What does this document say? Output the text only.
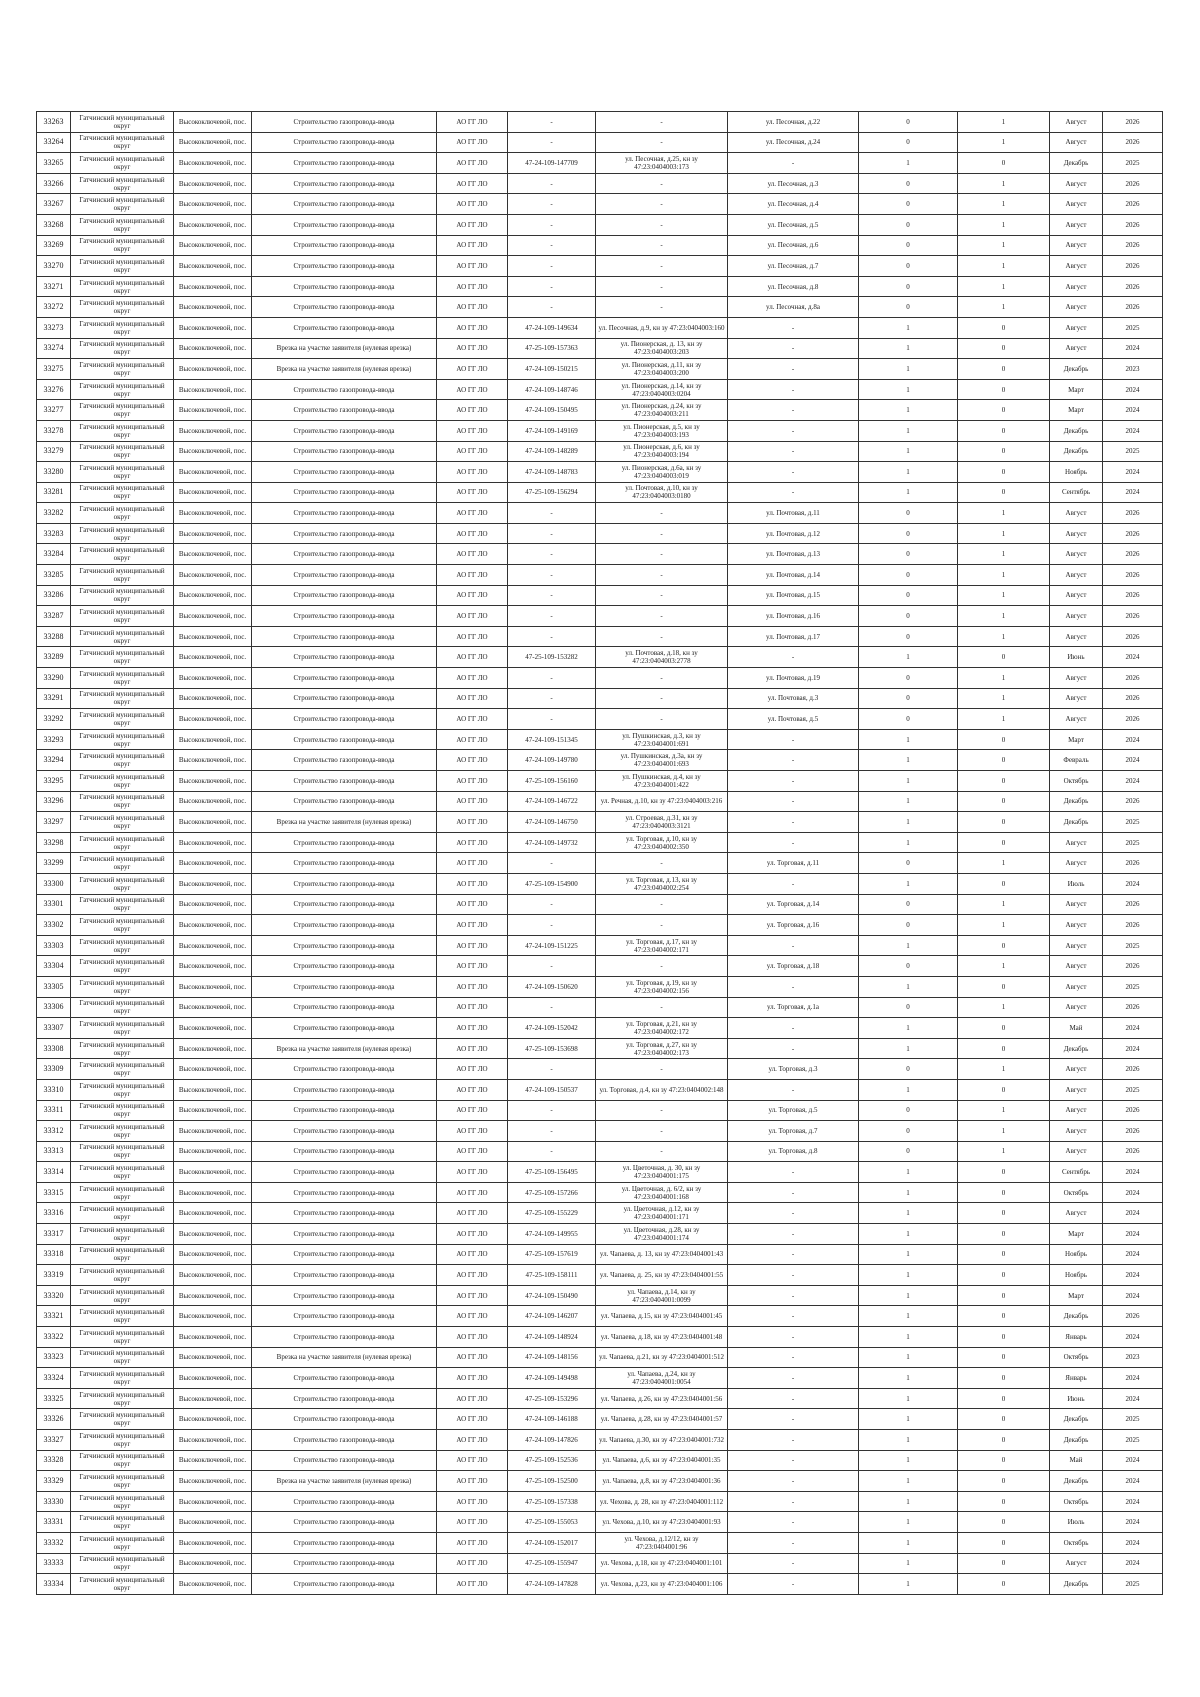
33263	Гатчинский муниципальный округ	Высокоключевой, пос.	Строительство газопровода-ввода	АО ГГ ЛО	-	-	ул. Песочная, д.22	0	1	Август	2026
33264	Гатчинский муниципальный округ	Высокоключевой, пос.	Строительство газопровода-ввода	АО ГГ ЛО	-	-	ул. Песочная, д.24	0	1	Август	2026
33265	Гатчинский муниципальный округ	Высокоключевой, пос.	Строительство газопровода-ввода	АО ГГ ЛО	47-24-109-147709	ул. Песочная, д.25, кн зу 47:23:0404003:173	-	1	0	Декабрь	2025
33266	Гатчинский муниципальный округ	Высокоключевой, пос.	Строительство газопровода-ввода	АО ГГ ЛО	-	-	ул. Песочная, д.3	0	1	Август	2026
33267	Гатчинский муниципальный округ	Высокоключевой, пос.	Строительство газопровода-ввода	АО ГГ ЛО	-	-	ул. Песочная, д.4	0	1	Август	2026
33268	Гатчинский муниципальный округ	Высокоключевой, пос.	Строительство газопровода-ввода	АО ГГ ЛО	-	-	ул. Песочная, д.5	0	1	Август	2026
33269	Гатчинский муниципальный округ	Высокоключевой, пос.	Строительство газопровода-ввода	АО ГГ ЛО	-	-	ул. Песочная, д.6	0	1	Август	2026
33270	Гатчинский муниципальный округ	Высокоключевой, пос.	Строительство газопровода-ввода	АО ГГ ЛО	-	-	ул. Песочная, д.7	0	1	Август	2026
33271	Гатчинский муниципальный округ	Высокоключевой, пос.	Строительство газопровода-ввода	АО ГГ ЛО	-	-	ул. Песочная, д.8	0	1	Август	2026
33272	Гатчинский муниципальный округ	Высокоключевой, пос.	Строительство газопровода-ввода	АО ГГ ЛО	-	-	ул. Песочная, д.8а	0	1	Август	2026
33273	Гатчинский муниципальный округ	Высокоключевой, пос.	Строительство газопровода-ввода	АО ГГ ЛО	47-24-109-149634	ул. Песочная, д.9, кн зу 47:23:0404003:160	-	1	0	Август	2025
33274	Гатчинский муниципальный округ	Высокоключевой, пос.	Врезка на участке заявителя (нулевая врезка)	АО ГГ ЛО	47-25-109-157363	ул. Пионерская, д. 13, кн зу 47:23:0404003:203	-	1	0	Август	2024
33275	Гатчинский муниципальный округ	Высокоключевой, пос.	Врезка на участке заявителя (нулевая врезка)	АО ГГ ЛО	47-24-109-150215	ул. Пионерская, д.11, кн зу 47:23:0404003:200	-	1	0	Декабрь	2023
33276	Гатчинский муниципальный округ	Высокоключевой, пос.	Строительство газопровода-ввода	АО ГГ ЛО	47-24-109-148746	ул. Пионерская, д.14, кн зу 47:23:0404003:0204	-	1	0	Март	2024
33277	Гатчинский муниципальный округ	Высокоключевой, пос.	Строительство газопровода-ввода	АО ГГ ЛО	47-24-109-150495	ул. Пионерская, д.24, кн зу 47:23:0404003:211	-	1	0	Март	2024
33278	Гатчинский муниципальный округ	Высокоключевой, пос.	Строительство газопровода-ввода	АО ГГ ЛО	47-24-109-149169	ул. Пионерская, д.5, кн зу 47:23:0404003:193	-	1	0	Декабрь	2024
33279	Гатчинский муниципальный округ	Высокоключевой, пос.	Строительство газопровода-ввода	АО ГГ ЛО	47-24-109-148289	ул. Пионерская, д.6, кн зу 47:23:0404003:194	-	1	0	Декабрь	2025
33280	Гатчинский муниципальный округ	Высокоключевой, пос.	Строительство газопровода-ввода	АО ГГ ЛО	47-24-109-148783	ул. Пионерская, д.6а, кн зу 47:23:0404003:019	-	1	0	Ноябрь	2024
33281	Гатчинский муниципальный округ	Высокоключевой, пос.	Строительство газопровода-ввода	АО ГГ ЛО	47-25-109-156294	ул. Почтовая, д.10, кн зу 47:23:0404003:0180	-	1	0	Сентябрь	2024
33282	Гатчинский муниципальный округ	Высокоключевой, пос.	Строительство газопровода-ввода	АО ГГ ЛО	-	-	ул. Почтовая, д.11	0	1	Август	2026
33283	Гатчинский муниципальный округ	Высокоключевой, пос.	Строительство газопровода-ввода	АО ГГ ЛО	-	-	ул. Почтовая, д.12	0	1	Август	2026
33284	Гатчинский муниципальный округ	Высокоключевой, пос.	Строительство газопровода-ввода	АО ГГ ЛО	-	-	ул. Почтовая, д.13	0	1	Август	2026
33285	Гатчинский муниципальный округ	Высокоключевой, пос.	Строительство газопровода-ввода	АО ГГ ЛО	-	-	ул. Почтовая, д.14	0	1	Август	2026
33286	Гатчинский муниципальный округ	Высокоключевой, пос.	Строительство газопровода-ввода	АО ГГ ЛО	-	-	ул. Почтовая, д.15	0	1	Август	2026
33287	Гатчинский муниципальный округ	Высокоключевой, пос.	Строительство газопровода-ввода	АО ГГ ЛО	-	-	ул. Почтовая, д.16	0	1	Август	2026
33288	Гатчинский муниципальный округ	Высокоключевой, пос.	Строительство газопровода-ввода	АО ГГ ЛО	-	-	ул. Почтовая, д.17	0	1	Август	2026
33289	Гатчинский муниципальный округ	Высокоключевой, пос.	Строительство газопровода-ввода	АО ГГ ЛО	47-25-109-153282	ул. Почтовая, д.18, кн зу 47:23:0404003:2778	-	1	0	Июнь	2024
33290	Гатчинский муниципальный округ	Высокоключевой, пос.	Строительство газопровода-ввода	АО ГГ ЛО	-	-	ул. Почтовая, д.19	0	1	Август	2026
33291	Гатчинский муниципальный округ	Высокоключевой, пос.	Строительство газопровода-ввода	АО ГГ ЛО	-	-	ул. Почтовая, д.3	0	1	Август	2026
33292	Гатчинский муниципальный округ	Высокоключевой, пос.	Строительство газопровода-ввода	АО ГГ ЛО	-	-	ул. Почтовая, д.5	0	1	Август	2026
33293	Гатчинский муниципальный округ	Высокоключевой, пос.	Строительство газопровода-ввода	АО ГГ ЛО	47-24-109-151345	ул. Пушкинская, д.3, кн зу 47:23:0404001:691	-	1	0	Март	2024
33294	Гатчинский муниципальный округ	Высокоключевой, пос.	Строительство газопровода-ввода	АО ГГ ЛО	47-24-109-149780	ул. Пушкинская, д.3а, кн зу 47:23:0404001:693	-	1	0	Февраль	2024
33295	Гатчинский муниципальный округ	Высокоключевой, пос.	Строительство газопровода-ввода	АО ГГ ЛО	47-25-109-156160	ул. Пушкинская, д.4, кн зу 47:23:0404001:422	-	1	0	Октябрь	2024
33296	Гатчинский муниципальный округ	Высокоключевой, пос.	Строительство газопровода-ввода	АО ГГ ЛО	47-24-109-146722	ул. Речная, д.10, кн зу 47:23:0404003:216	-	1	0	Декабрь	2026
33297	Гатчинский муниципальный округ	Высокоключевой, пос.	Врезка на участке заявителя (нулевая врезка)	АО ГГ ЛО	47-24-109-146750	ул. Строевая, д.31, кн зу 47:23:0404003:3121	-	1	0	Декабрь	2025
33298	Гатчинский муниципальный округ	Высокоключевой, пос.	Строительство газопровода-ввода	АО ГГ ЛО	47-24-109-149732	ул. Торговая, д.10, кн зу 47:23:0404002:350	-	1	0	Август	2025
33299	Гатчинский муниципальный округ	Высокоключевой, пос.	Строительство газопровода-ввода	АО ГГ ЛО	-	-	ул. Торговая, д.11	0	1	Август	2026
33300	Гатчинский муниципальный округ	Высокоключевой, пос.	Строительство газопровода-ввода	АО ГГ ЛО	47-25-109-154900	ул. Торговая, д.13, кн зу 47:23:0404002:254	-	1	0	Июль	2024
33301	Гатчинский муниципальный округ	Высокоключевой, пос.	Строительство газопровода-ввода	АО ГГ ЛО	-	-	ул. Торговая, д.14	0	1	Август	2026
33302	Гатчинский муниципальный округ	Высокоключевой, пос.	Строительство газопровода-ввода	АО ГГ ЛО	-	-	ул. Торговая, д.16	0	1	Август	2026
33303	Гатчинский муниципальный округ	Высокоключевой, пос.	Строительство газопровода-ввода	АО ГГ ЛО	47-24-109-151225	ул. Торговая, д.17, кн зу 47:23:0404002:171	-	1	0	Август	2025
33304	Гатчинский муниципальный округ	Высокоключевой, пос.	Строительство газопровода-ввода	АО ГГ ЛО	-	-	ул. Торговая, д.18	0	1	Август	2026
33305	Гатчинский муниципальный округ	Высокоключевой, пос.	Строительство газопровода-ввода	АО ГГ ЛО	47-24-109-150620	ул. Торговая, д.19, кн зу 47:23:0404002:156	-	1	0	Август	2025
33306	Гатчинский муниципальный округ	Высокоключевой, пос.	Строительство газопровода-ввода	АО ГГ ЛО	-	-	ул. Торговая, д.1а	0	1	Август	2026
33307	Гатчинский муниципальный округ	Высокоключевой, пос.	Строительство газопровода-ввода	АО ГГ ЛО	47-24-109-152042	ул. Торговая, д.21, кн зу 47:23:0404002:172	-	1	0	Май	2024
33308	Гатчинский муниципальный округ	Высокоключевой, пос.	Врезка на участке заявителя (нулевая врезка)	АО ГГ ЛО	47-25-109-153698	ул. Торговая, д.27, кн зу 47:23:0404002:173	-	1	0	Декабрь	2024
33309	Гатчинский муниципальный округ	Высокоключевой, пос.	Строительство газопровода-ввода	АО ГГ ЛО	-	-	ул. Торговая, д.3	0	1	Август	2026
33310	Гатчинский муниципальный округ	Высокоключевой, пос.	Строительство газопровода-ввода	АО ГГ ЛО	47-24-109-150537	ул. Торговая, д.4, кн зу 47:23:0404002:148	-	1	0	Август	2025
33311	Гатчинский муниципальный округ	Высокоключевой, пос.	Строительство газопровода-ввода	АО ГГ ЛО	-	-	ул. Торговая, д.5	0	1	Август	2026
33312	Гатчинский муниципальный округ	Высокоключевой, пос.	Строительство газопровода-ввода	АО ГГ ЛО	-	-	ул. Торговая, д.7	0	1	Август	2026
33313	Гатчинский муниципальный округ	Высокоключевой, пос.	Строительство газопровода-ввода	АО ГГ ЛО	-	-	ул. Торговая, д.8	0	1	Август	2026
33314	Гатчинский муниципальный округ	Высокоключевой, пос.	Строительство газопровода-ввода	АО ГГ ЛО	47-25-109-156495	ул. Цветочная, д. 30, кн зу 47:23:0404001:175	-	1	0	Сентябрь	2024
33315	Гатчинский муниципальный округ	Высокоключевой, пос.	Строительство газопровода-ввода	АО ГГ ЛО	47-25-109-157266	ул. Цветочная, д. 6/2, кн зу 47:23:0404001:168	-	1	0	Октябрь	2024
33316	Гатчинский муниципальный округ	Высокоключевой, пос.	Строительство газопровода-ввода	АО ГГ ЛО	47-25-109-155229	ул. Цветочная, д.12, кн зу 47:23:0404001:171	-	1	0	Август	2024
33317	Гатчинский муниципальный округ	Высокоключевой, пос.	Строительство газопровода-ввода	АО ГГ ЛО	47-24-109-149955	ул. Цветочная, д.28, кн зу 47:23:0404001:174	-	1	0	Март	2024
33318	Гатчинский муниципальный округ	Высокоключевой, пос.	Строительство газопровода-ввода	АО ГГ ЛО	47-25-109-157619	ул. Чапаева, д. 13, кн зу 47:23:0404001:43	-	1	0	Ноябрь	2024
33319	Гатчинский муниципальный округ	Высокоключевой, пос.	Строительство газопровода-ввода	АО ГГ ЛО	47-25-109-158111	ул. Чапаева, д. 25, кн зу 47:23:0404001:55	-	1	0	Ноябрь	2024
33320	Гатчинский муниципальный округ	Высокоключевой, пос.	Строительство газопровода-ввода	АО ГГ ЛО	47-24-109-150490	ул. Чапаева, д.14, кн зу 47:23:0404001:0099	-	1	0	Март	2024
33321	Гатчинский муниципальный округ	Высокоключевой, пос.	Строительство газопровода-ввода	АО ГГ ЛО	47-24-109-146207	ул. Чапаева, д.15, кн зу 47:23:0404001:45	-	1	0	Декабрь	2026
33322	Гатчинский муниципальный округ	Высокоключевой, пос.	Строительство газопровода-ввода	АО ГГ ЛО	47-24-109-148924	ул. Чапаева, д.18, кн зу 47:23:0404001:48	-	1	0	Январь	2024
33323	Гатчинский муниципальный округ	Высокоключевой, пос.	Врезка на участке заявителя (нулевая врезка)	АО ГГ ЛО	47-24-109-148156	ул. Чапаева, д.21, кн зу 47:23:0404001:512	-	1	0	Октябрь	2023
33324	Гатчинский муниципальный округ	Высокоключевой, пос.	Строительство газопровода-ввода	АО ГГ ЛО	47-24-109-149498	ул. Чапаева, д.24, кн зу 47:23:0404001:0054	-	1	0	Январь	2024
33325	Гатчинский муниципальный округ	Высокоключевой, пос.	Строительство газопровода-ввода	АО ГГ ЛО	47-25-109-153296	ул. Чапаева, д.26, кн зу 47:23:0404001:56	-	1	0	Июнь	2024
33326	Гатчинский муниципальный округ	Высокоключевой, пос.	Строительство газопровода-ввода	АО ГГ ЛО	47-24-109-146188	ул. Чапаева, д.28, кн зу 47:23:0404001:57	-	1	0	Декабрь	2025
33327	Гатчинский муниципальный округ	Высокоключевой, пос.	Строительство газопровода-ввода	АО ГГ ЛО	47-24-109-147826	ул. Чапаева, д.30, кн зу 47:23:0404001:732	-	1	0	Декабрь	2025
33328	Гатчинский муниципальный округ	Высокоключевой, пос.	Строительство газопровода-ввода	АО ГГ ЛО	47-25-109-152536	ул. Чапаева, д.6, кн зу 47:23:0404001:35	-	1	0	Май	2024
33329	Гатчинский муниципальный округ	Высокоключевой, пос.	Врезка на участке заявителя (нулевая врезка)	АО ГГ ЛО	47-25-109-152500	ул. Чапаева, д.8, кн зу 47:23:0404001:36	-	1	0	Декабрь	2024
33330	Гатчинский муниципальный округ	Высокоключевой, пос.	Строительство газопровода-ввода	АО ГГ ЛО	47-25-109-157338	ул. Чехова, д. 28, кн зу 47:23:0404001:112	-	1	0	Октябрь	2024
33331	Гатчинский муниципальный округ	Высокоключевой, пос.	Строительство газопровода-ввода	АО ГГ ЛО	47-25-109-155053	ул. Чехова, д.10, кн зу 47:23:0404001:93	-	1	0	Июль	2024
33332	Гатчинский муниципальный округ	Высокоключевой, пос.	Строительство газопровода-ввода	АО ГГ ЛО	47-24-109-152017	ул. Чехова, д.12/12, кн зу 47:23:0404001:96	-	1	0	Октябрь	2024
33333	Гатчинский муниципальный округ	Высокоключевой, пос.	Строительство газопровода-ввода	АО ГГ ЛО	47-25-109-155947	ул. Чехова, д.18, кн зу 47:23:0404001:101	-	1	0	Август	2024
33334	Гатчинский муниципальный округ	Высокоключевой, пос.	Строительство газопровода-ввода	АО ГГ ЛО	47-24-109-147828	ул. Чехова, д.23, кн зу 47:23:0404001:106	-	1	0	Декабрь	2025
